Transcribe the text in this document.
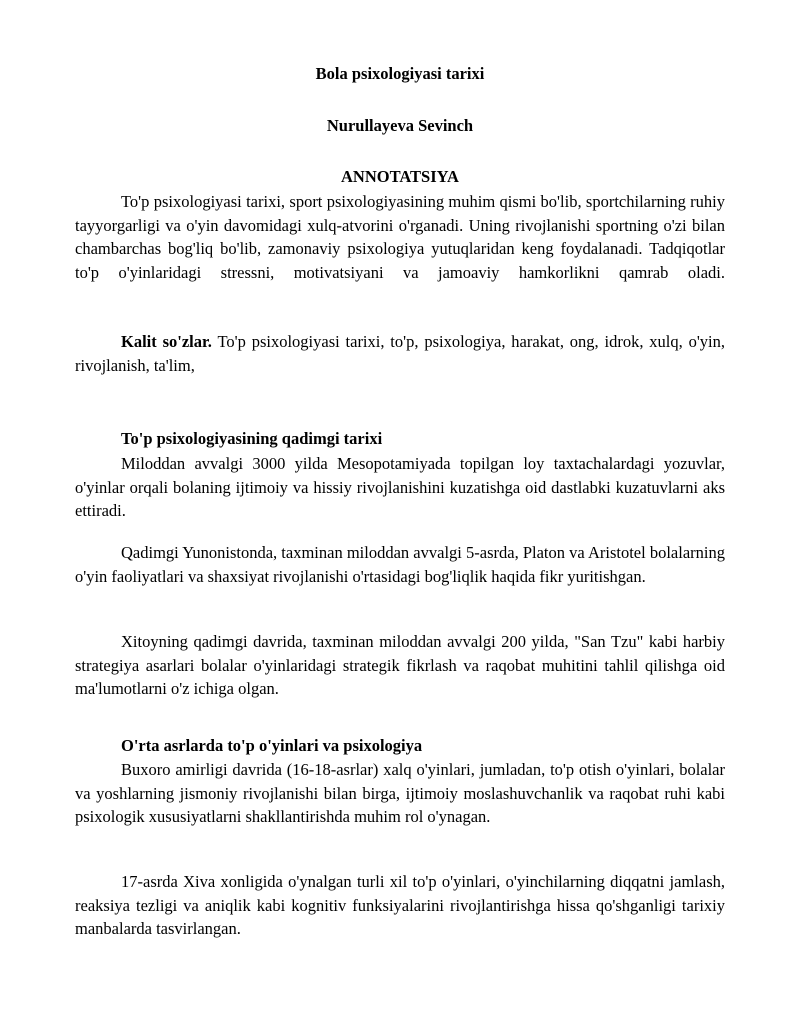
Bola psixologiyasi tarixi
Nurullayeva Sevinch
ANNOTATSIYA
To'p psixologiyasi tarixi, sport psixologiyasining muhim qismi bo'lib, sportchilarning ruhiy tayyorgarligi va o'yin davomidagi xulq-atvorini o'rganadi. Uning rivojlanishi sportning o'zi bilan chambarchas bog'liq bo'lib, zamonaviy psixologiya yutuqlaridan keng foydalanadi. Tadqiqotlar to'p o'yinlaridagi stressni, motivatsiyani va jamoaviy hamkorlikni qamrab oladi.
Kalit so'zlar. To'p psixologiyasi tarixi, to'p, psixologiya, harakat, ong, idrok, xulq, o'yin, rivojlanish, ta'lim,
To'p psixologiyasining qadimgi tarixi
Miloddan avvalgi 3000 yilda Mesopotamiyada topilgan loy taxtachalardagi yozuvlar, o'yinlar orqali bolaning ijtimoiy va hissiy rivojlanishini kuzatishga oid dastlabki kuzatuvlarni aks ettiradi.
Qadimgi Yunonistonda, taxminan miloddan avvalgi 5-asrda, Platon va Aristotel bolalarning o'yin faoliyatlari va shaxsiyat rivojlanishi o'rtasidagi bog'liqlik haqida fikr yuritishgan.
Xitoyning qadimgi davrida, taxminan miloddan avvalgi 200 yilda, "San Tzu" kabi harbiy strategiya asarlari bolalar o'yinlaridagi strategik fikrlash va raqobat muhitini tahlil qilishga oid ma'lumotlarni o'z ichiga olgan.
O'rta asrlarda to'p o'yinlari va psixologiya
Buxoro amirligi davrida (16-18-asrlar) xalq o'yinlari, jumladan, to'p otish o'yinlari, bolalar va yoshlarning jismoniy rivojlanishi bilan birga, ijtimoiy moslashuvchanlik va raqobat ruhi kabi psixologik xususiyatlarni shakllantirishda muhim rol o'ynagan.
17-asrda Xiva xonligida o'ynalgan turli xil to'p o'yinlari, o'yinchilarning diqqatni jamlash, reaksiya tezligi va aniqlik kabi kognitiv funksiyalarini rivojlantirishga hissa qo'shganligi tarixiy manbalarda tasvirlangan.
